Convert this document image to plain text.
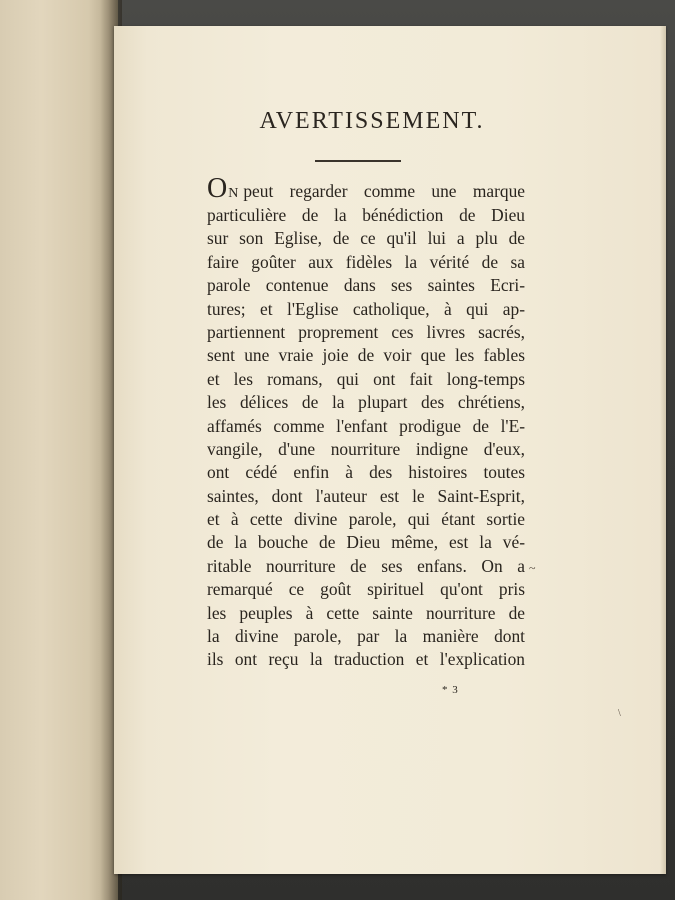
AVERTISSEMENT.
ON peut regarder comme une marque
particulière de la bénédiction de Dieu
sur son Eglise, de ce qu'il lui a plu de
faire goûter aux fidèles la vérité de sa
parole contenue dans ses saintes Ecri-
tures; et l'Eglise catholique, à qui ap-
partiennent proprement ces livres sacrés,
sent une vraie joie de voir que les fables
et les romans, qui ont fait long-temps
les délices de la plupart des chrétiens,
affamés comme l'enfant prodigue de l'E-
vangile, d'une nourriture indigne d'eux,
ont cédé enfin à des histoires toutes
saintes, dont l'auteur est le Saint-Esprit,
et à cette divine parole, qui étant sortie
de la bouche de Dieu même, est la vé-
ritable nourriture de ses enfans. On a
remarqué ce goût spirituel qu'ont pris
les peuples à cette sainte nourriture de
la divine parole, par la manière dont
ils ont reçu la traduction et l'explication
* 3
~
\
